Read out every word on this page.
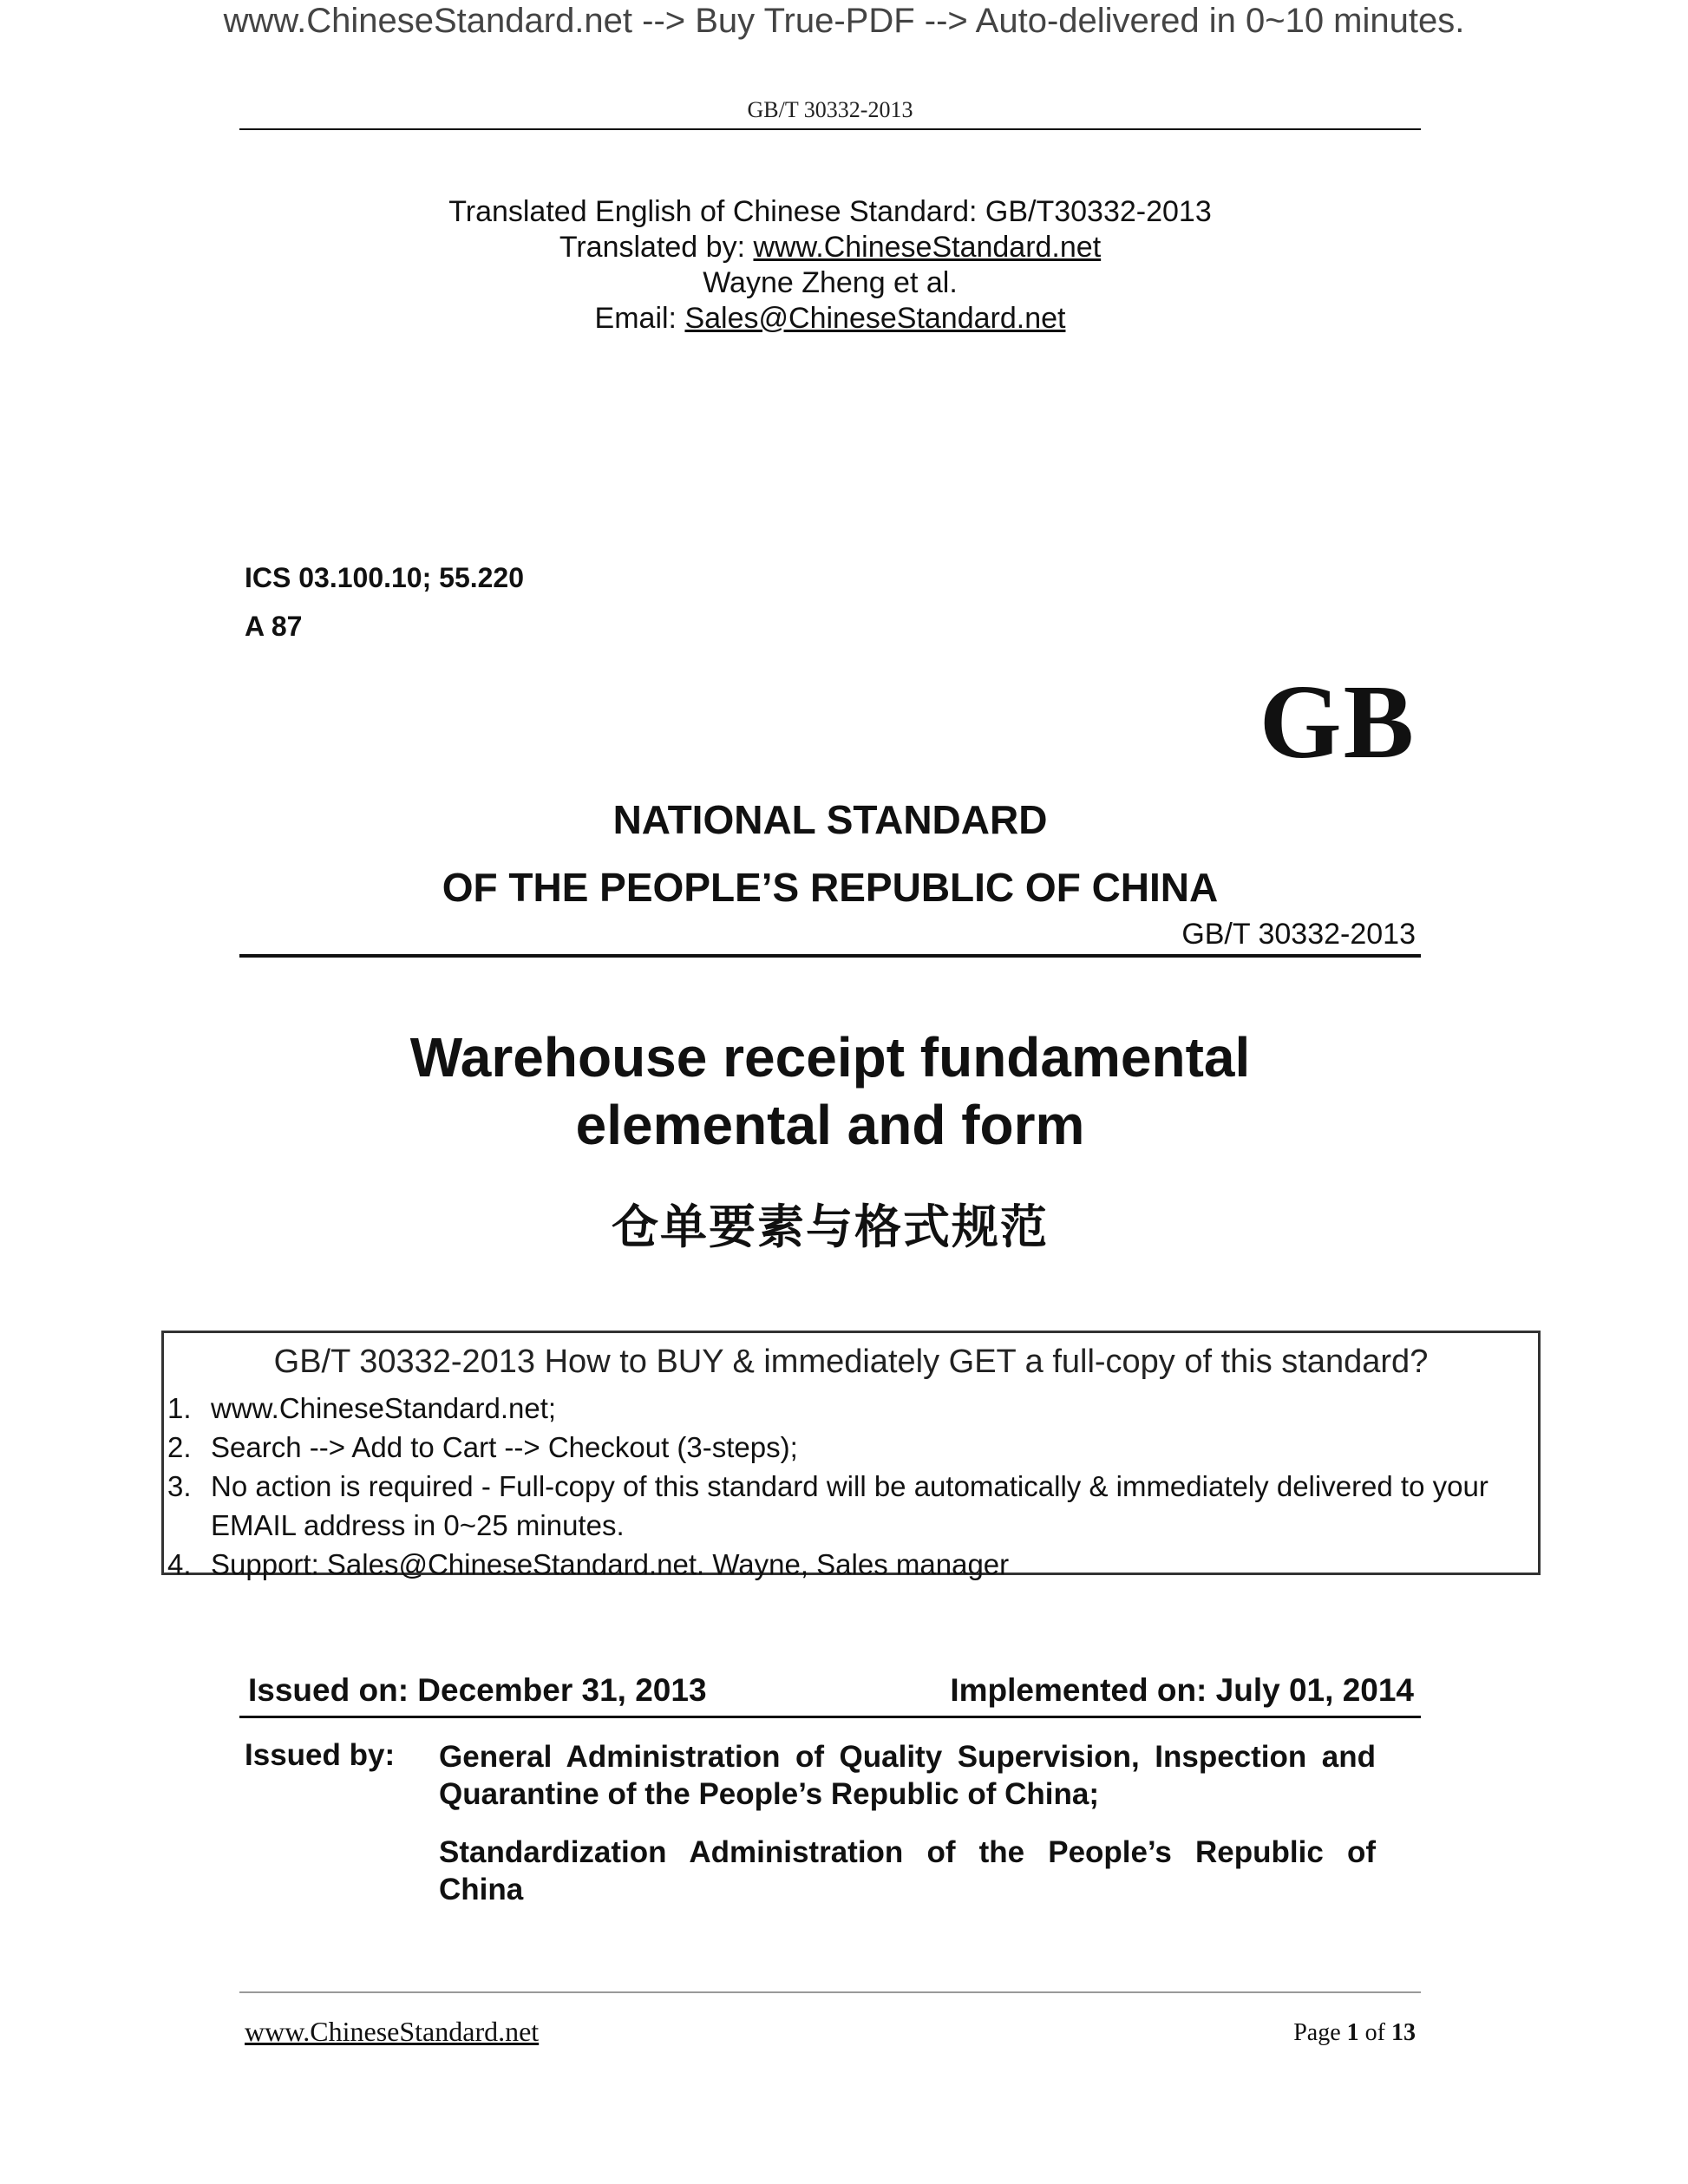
www.ChineseStandard.net --> Buy True-PDF --> Auto-delivered in 0~10 minutes.
GB/T 30332-2013
Translated English of Chinese Standard: GB/T30332-2013
Translated by: www.ChineseStandard.net
Wayne Zheng et al.
Email: Sales@ChineseStandard.net
ICS 03.100.10; 55.220
A 87
GB
NATIONAL STANDARD
OF THE PEOPLE’S REPUBLIC OF CHINA
GB/T 30332-2013
Warehouse receipt fundamental
elemental and form
仓单要素与格式规范
GB/T 30332-2013 How to BUY & immediately GET a full-copy of this standard?
1. www.ChineseStandard.net;
2. Search --> Add to Cart --> Checkout (3-steps);
3. No action is required - Full-copy of this standard will be automatically & immediately delivered to your EMAIL address in 0~25 minutes.
4. Support: Sales@ChineseStandard.net. Wayne, Sales manager
Issued on: December 31, 2013	Implemented on: July 01, 2014
Issued by: General Administration of Quality Supervision, Inspection and Quarantine of the People’s Republic of China;

Standardization Administration of the People’s Republic of China

www.ChineseStandard.net	Page 1 of 13
